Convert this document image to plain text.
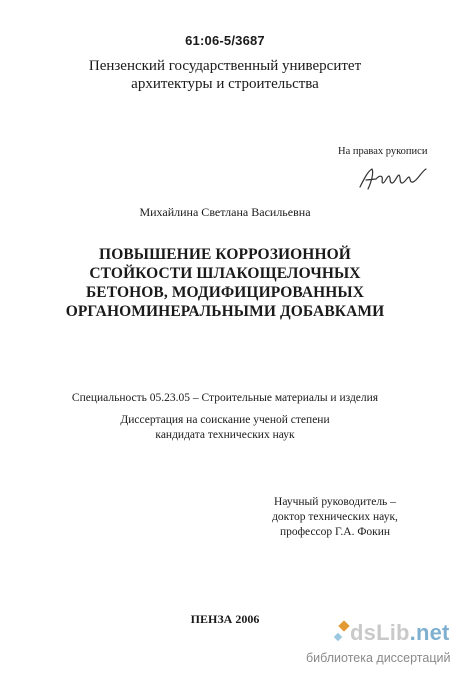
61:06-5/3687
Пензенский государственный университет
архитектуры и строительства
На правах рукописи
Михайлина Светлана Васильевна
ПОВЫШЕНИЕ КОРРОЗИОННОЙ
СТОЙКОСТИ ШЛАКОЩЕЛОЧНЫХ
БЕТОНОВ, МОДИФИЦИРОВАННЫХ
ОРГАНОМИНЕРАЛЬНЫМИ ДОБАВКАМИ
Специальность 05.23.05 – Строительные материалы и изделия
Диссертация на соискание ученой степени
кандидата технических наук
Научный руководитель –
доктор технических наук,
профессор Г.А. Фокин
ПЕНЗА 2006
dsLib.net
библиотека диссертаций
